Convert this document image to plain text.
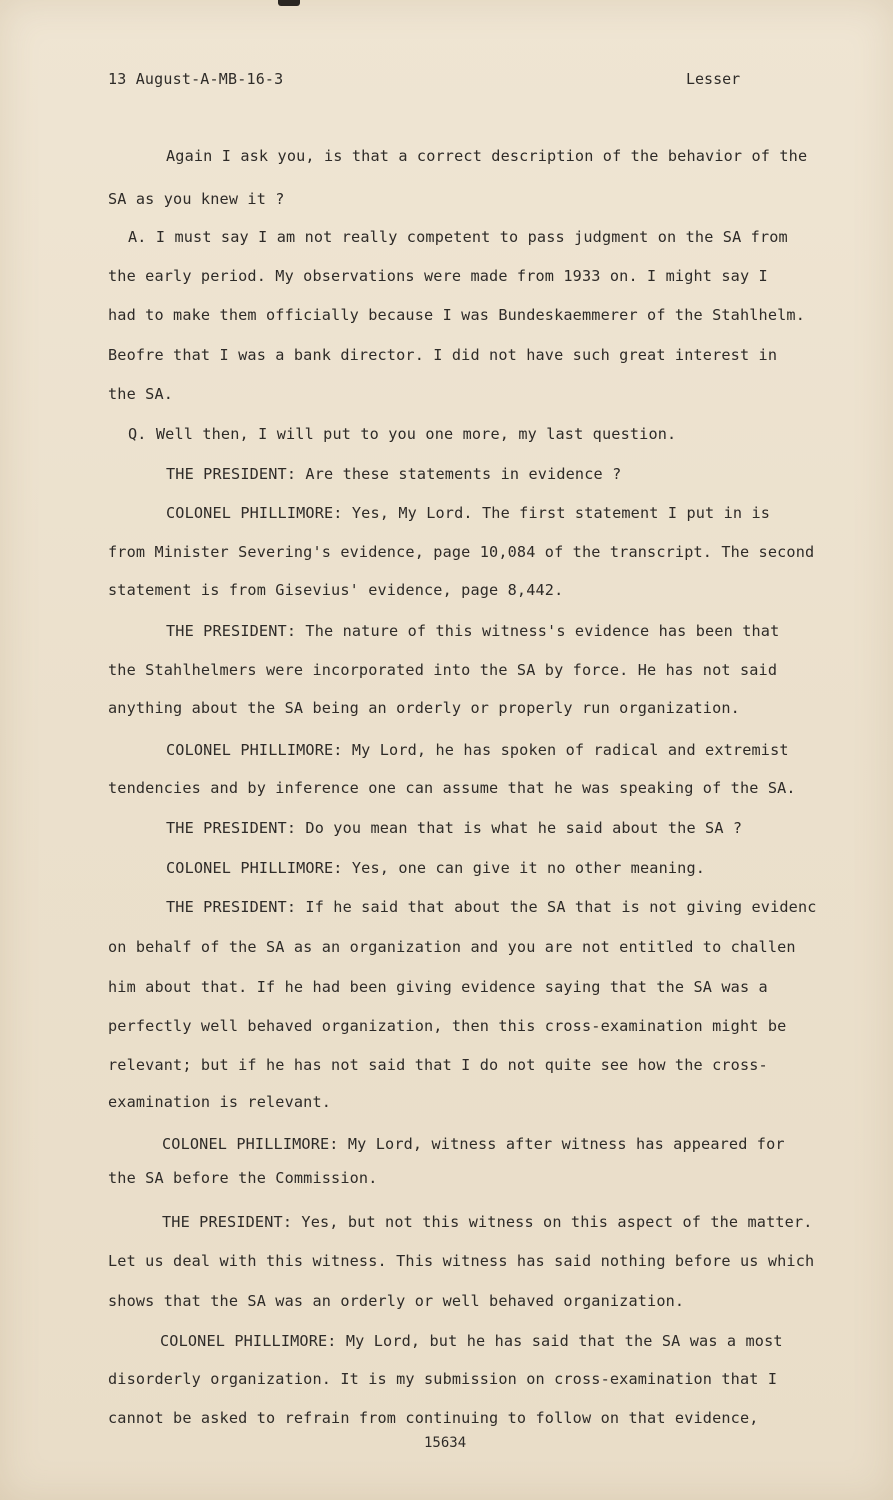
13 August-A-MB-16-3	Lesser
Again I ask you, is that a correct description of the behavior of the
SA as you knew it ?
A. I must say I am not really competent to pass judgment on the SA from
the early period. My observations were made from 1933 on. I might say I
had to make them officially because I was Bundeskaemmerer of the Stahlhelm.
Beofre that I was a bank director. I did not have such great interest in
the SA.
Q. Well then, I will put to you one more, my last question.
THE PRESIDENT: Are these statements in evidence ?
COLONEL PHILLIMORE: Yes, My Lord. The first statement I put in is
from Minister Severing's evidence, page 10,084 of the transcript. The second
statement is from Gisevius' evidence, page 8,442.
THE PRESIDENT: The nature of this witness's evidence has been that
the Stahlhelmers were incorporated into the SA by force. He has not said
anything about the SA being an orderly or properly run organization.
COLONEL PHILLIMORE: My Lord, he has spoken of radical and extremist
tendencies and by inference one can assume that he was speaking of the SA.
THE PRESIDENT: Do you mean that is what he said about the SA ?
COLONEL PHILLIMORE: Yes, one can give it no other meaning.
THE PRESIDENT: If he said that about the SA that is not giving evidenc
on behalf of the SA as an organization and you are not entitled to challen
him about that. If he had been giving evidence saying that the SA was a
perfectly well behaved organization, then this cross-examination might be
relevant; but if he has not said that I do not quite see how the cross-
examination is relevant.
COLONEL PHILLIMORE: My Lord, witness after witness has appeared for
the SA before the Commission.
THE PRESIDENT: Yes, but not this witness on this aspect of the matter.
Let us deal with this witness. This witness has said nothing before us which
shows that the SA was an orderly or well behaved organization.
COLONEL PHILLIMORE: My Lord, but he has said that the SA was a most
disorderly organization. It is my submission on cross-examination that I
cannot be asked to refrain from continuing to follow on that evidence,
15634
